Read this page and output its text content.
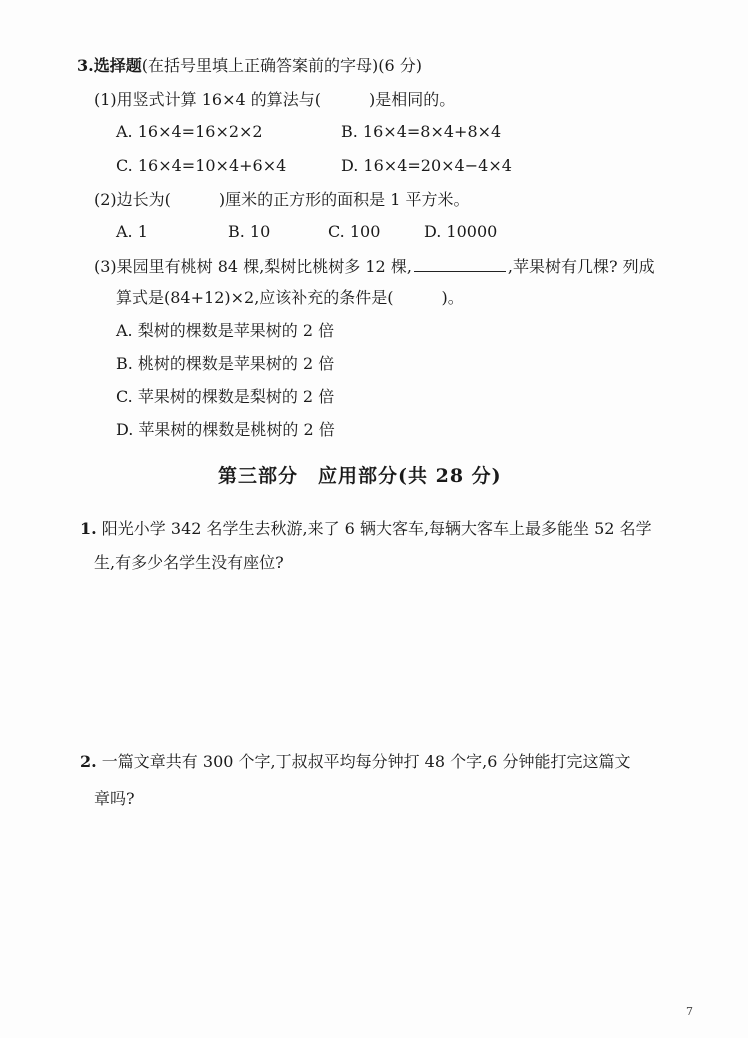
3.选择题(在括号里填上正确答案前的字母)(6 分)
(1)用竖式计算 16×4 的算法与(　　　)是相同的。
A. 16×4=16×2×2	B. 16×4=8×4+8×4
C. 16×4=10×4+6×4	D. 16×4=20×4−4×4
(2)边长为(　　　)厘米的正方形的面积是 1 平方米。
A. 1	B. 10	C. 100	D. 10000
(3)果园里有桃树 84 棵,梨树比桃树多 12 棵,	,苹果树有几棵? 列成
算式是(84+12)×2,应该补充的条件是(　　　)。
A. 梨树的棵数是苹果树的 2 倍
B. 桃树的棵数是苹果树的 2 倍
C. 苹果树的棵数是梨树的 2 倍
D. 苹果树的棵数是桃树的 2 倍
第三部分　应用部分(共 28 分)
1. 阳光小学 342 名学生去秋游,来了 6 辆大客车,每辆大客车上最多能坐 52 名学
生,有多少名学生没有座位?
2. 一篇文章共有 300 个字,丁叔叔平均每分钟打 48 个字,6 分钟能打完这篇文
章吗?
7
